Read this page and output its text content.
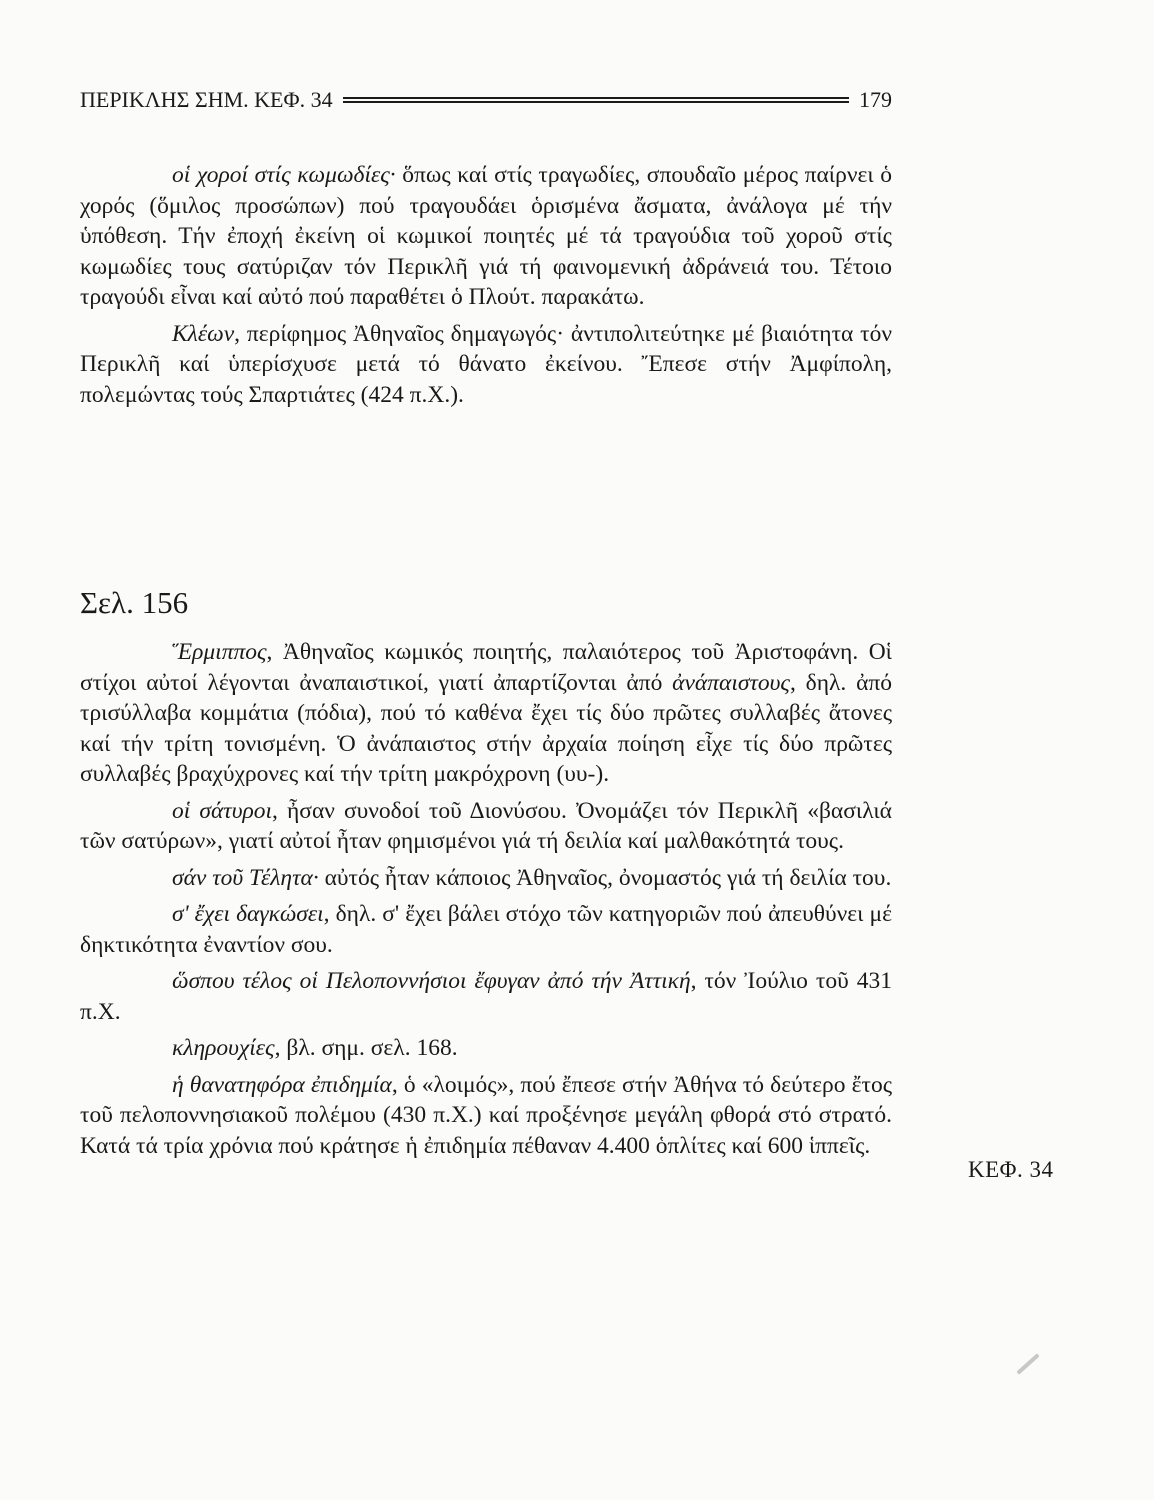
ΠΕΡΙΚΛΗΣ ΣΗΜ. ΚΕΦ. 34	179

οἱ χοροί στίς κωμωδίες· ὅπως καί στίς τραγωδίες, σπουδαῖο μέρος παίρνει ὁ χορός (ὅμιλος προσώπων) πού τραγουδάει ὁρισμένα ἄσματα, ἀνάλογα μέ τήν ὑπόθεση. Τήν ἐποχή ἐκείνη οἱ κωμικοί ποιητές μέ τά τραγούδια τοῦ χοροῦ στίς κωμωδίες τους σατύριζαν τόν Περικλῆ γιά τή φαινομενική ἀδράνειά του. Τέτοιο τραγούδι εἶναι καί αὐτό πού παραθέτει ὁ Πλούτ. παρακάτω.

Κλέων, περίφημος Ἀθηναῖος δημαγωγός· ἀντιπολιτεύτηκε μέ βιαιότητα τόν Περικλῆ καί ὑπερίσχυσε μετά τό θάνατο ἐκείνου. Ἔπεσε στήν Ἀμφίπολη, πολεμώντας τούς Σπαρτιάτες (424 π.Χ.).

Σελ. 156

Ἕρμιππος, Ἀθηναῖος κωμικός ποιητής, παλαιότερος τοῦ Ἀριστοφάνη. Οἱ στίχοι αὐτοί λέγονται ἀναπαιστικοί, γιατί ἀπαρτίζονται ἀπό ἀνάπαιστους, δηλ. ἀπό τρισύλλαβα κομμάτια (πόδια), πού τό καθένα ἔχει τίς δύο πρῶτες συλλαβές ἄτονες καί τήν τρίτη τονισμένη. Ὁ ἀνάπαιστος στήν ἀρχαία ποίηση εἶχε τίς δύο πρῶτες συλλαβές βραχύχρονες καί τήν τρίτη μακρόχρονη (υυ-).

οἱ σάτυροι, ἦσαν συνοδοί τοῦ Διονύσου. Ὀνομάζει τόν Περικλῆ «βασιλιά τῶν σατύρων», γιατί αὐτοί ἦταν φημισμένοι γιά τή δειλία καί μαλθακότητά τους.

σάν τοῦ Τέλητα· αὐτός ἦταν κάποιος Ἀθηναῖος, ὀνομαστός γιά τή δειλία του.

σ' ἔχει δαγκώσει, δηλ. σ' ἔχει βάλει στόχο τῶν κατηγοριῶν πού ἀπευθύνει μέ δηκτικότητα ἐναντίον σου.

ὥσπου τέλος οἱ Πελοποννήσιοι ἔφυγαν ἀπό τήν Ἀττική, τόν Ἰούλιο τοῦ 431 π.Χ.

κληρουχίες, βλ. σημ. σελ. 168.

ἡ θανατηφόρα ἐπιδημία, ὁ «λοιμός», πού ἔπεσε στήν Ἀθήνα τό δεύτερο ἔτος τοῦ πελοποννησιακοῦ πολέμου (430 π.Χ.) καί προξένησε μεγάλη φθορά στό στρατό. Κατά τά τρία χρόνια πού κράτησε ἡ ἐπιδημία πέθαναν 4.400 ὁπλίτες καί 600 ἱππεῖς.

ΚΕΦ. 34
